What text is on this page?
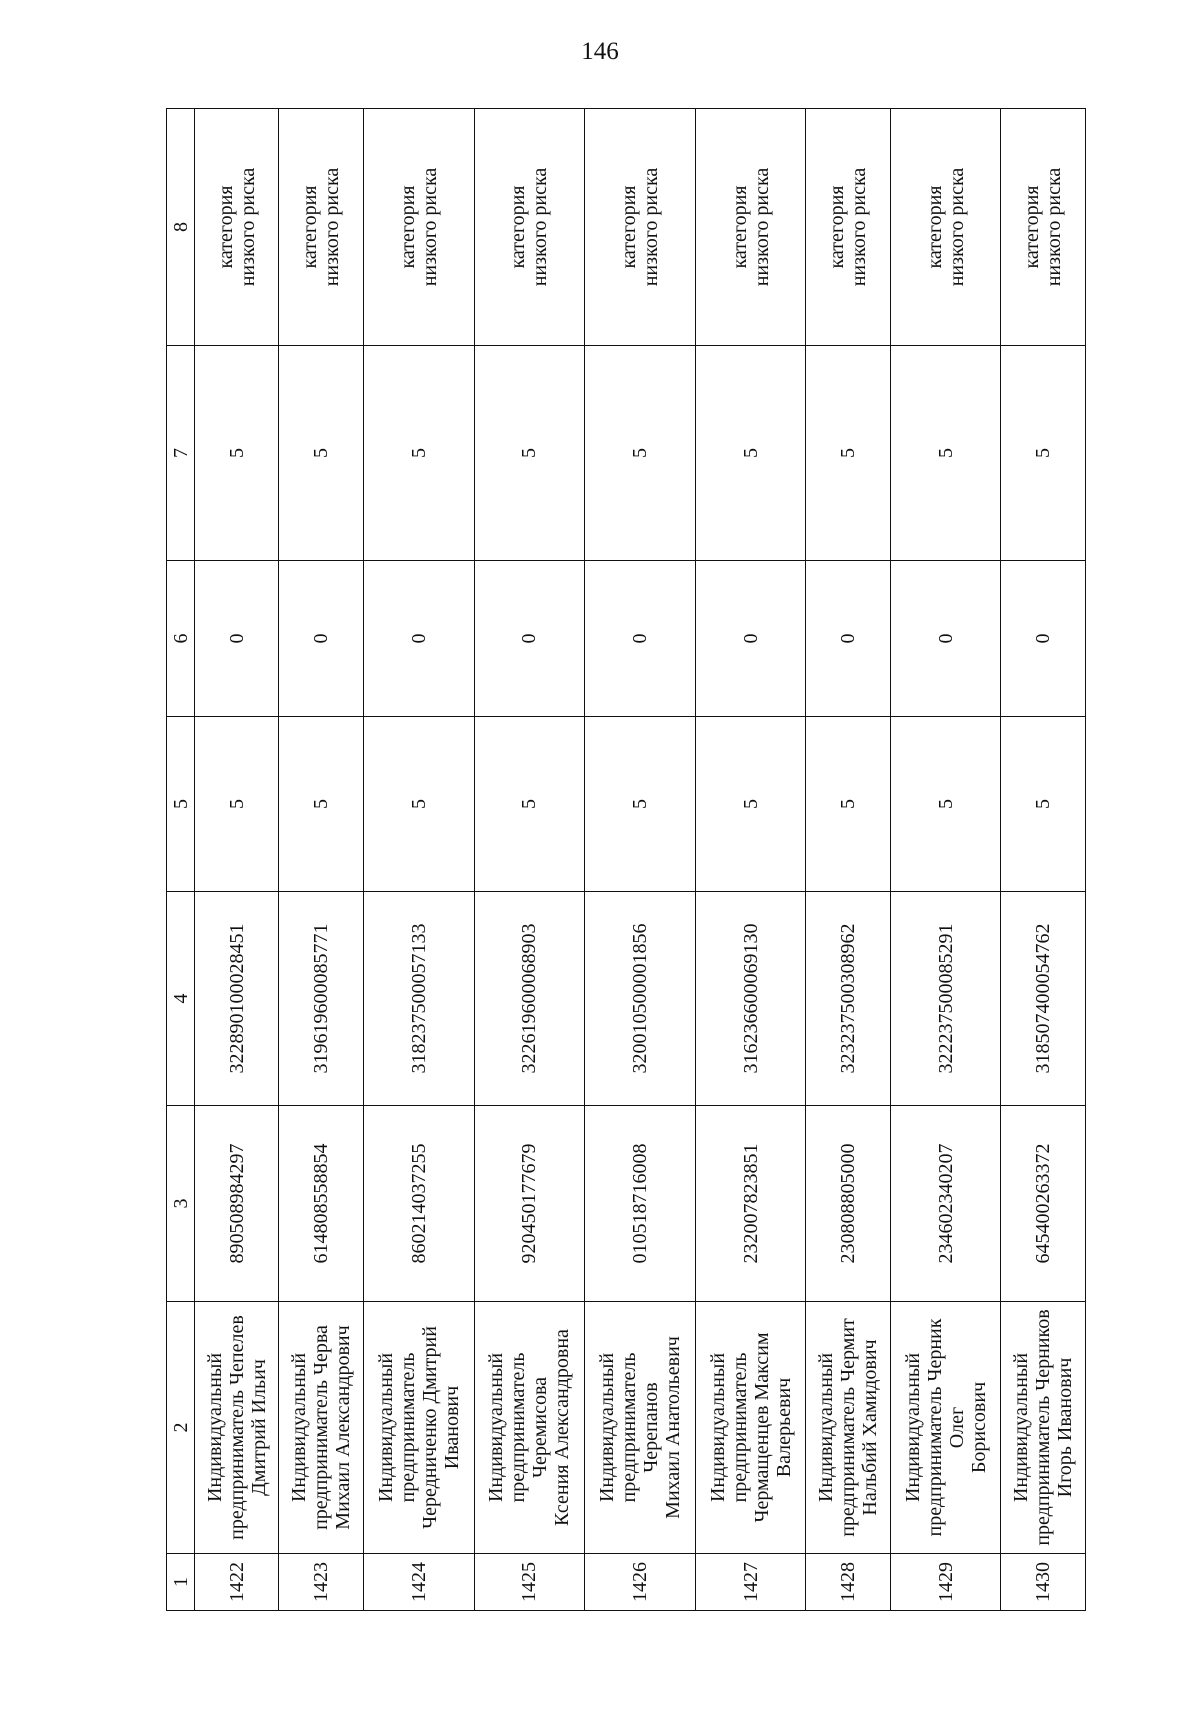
146
1	2	3	4	5	6	7	8
1422	Индивидуальный
предприниматель Чепелев
Дмитрий Ильич	890508984297	322890100028451	5	0	5	категория
низкого риска
1423	Индивидуальный
предприниматель Черва
Михаил Александрович	614808558854	319619600085771	5	0	5	категория
низкого риска
1424	Индивидуальный
предприниматель
Чередниченко Дмитрий
Иванович	860214037255	318237500057133	5	0	5	категория
низкого риска
1425	Индивидуальный
предприниматель Черемисова
Ксения Александровна	920450177679	322619600068903	5	0	5	категория
низкого риска
1426	Индивидуальный
предприниматель Черепанов
Михаил Анатольевич	010518716008	320010500001856	5	0	5	категория
низкого риска
1427	Индивидуальный
предприниматель
Чермащенцев Максим
Валерьевич	232007823851	316236600069130	5	0	5	категория
низкого риска
1428	Индивидуальный
предприниматель Чермит
Нальбий Хамидович	230808805000	323237500308962	5	0	5	категория
низкого риска
1429	Индивидуальный
предприниматель Черник Олег
Борисович	234602340207	322237500085291	5	0	5	категория
низкого риска
1430	Индивидуальный
предприниматель Черников
Игорь Иванович	645400263372	318507400054762	5	0	5	категория
низкого риска
